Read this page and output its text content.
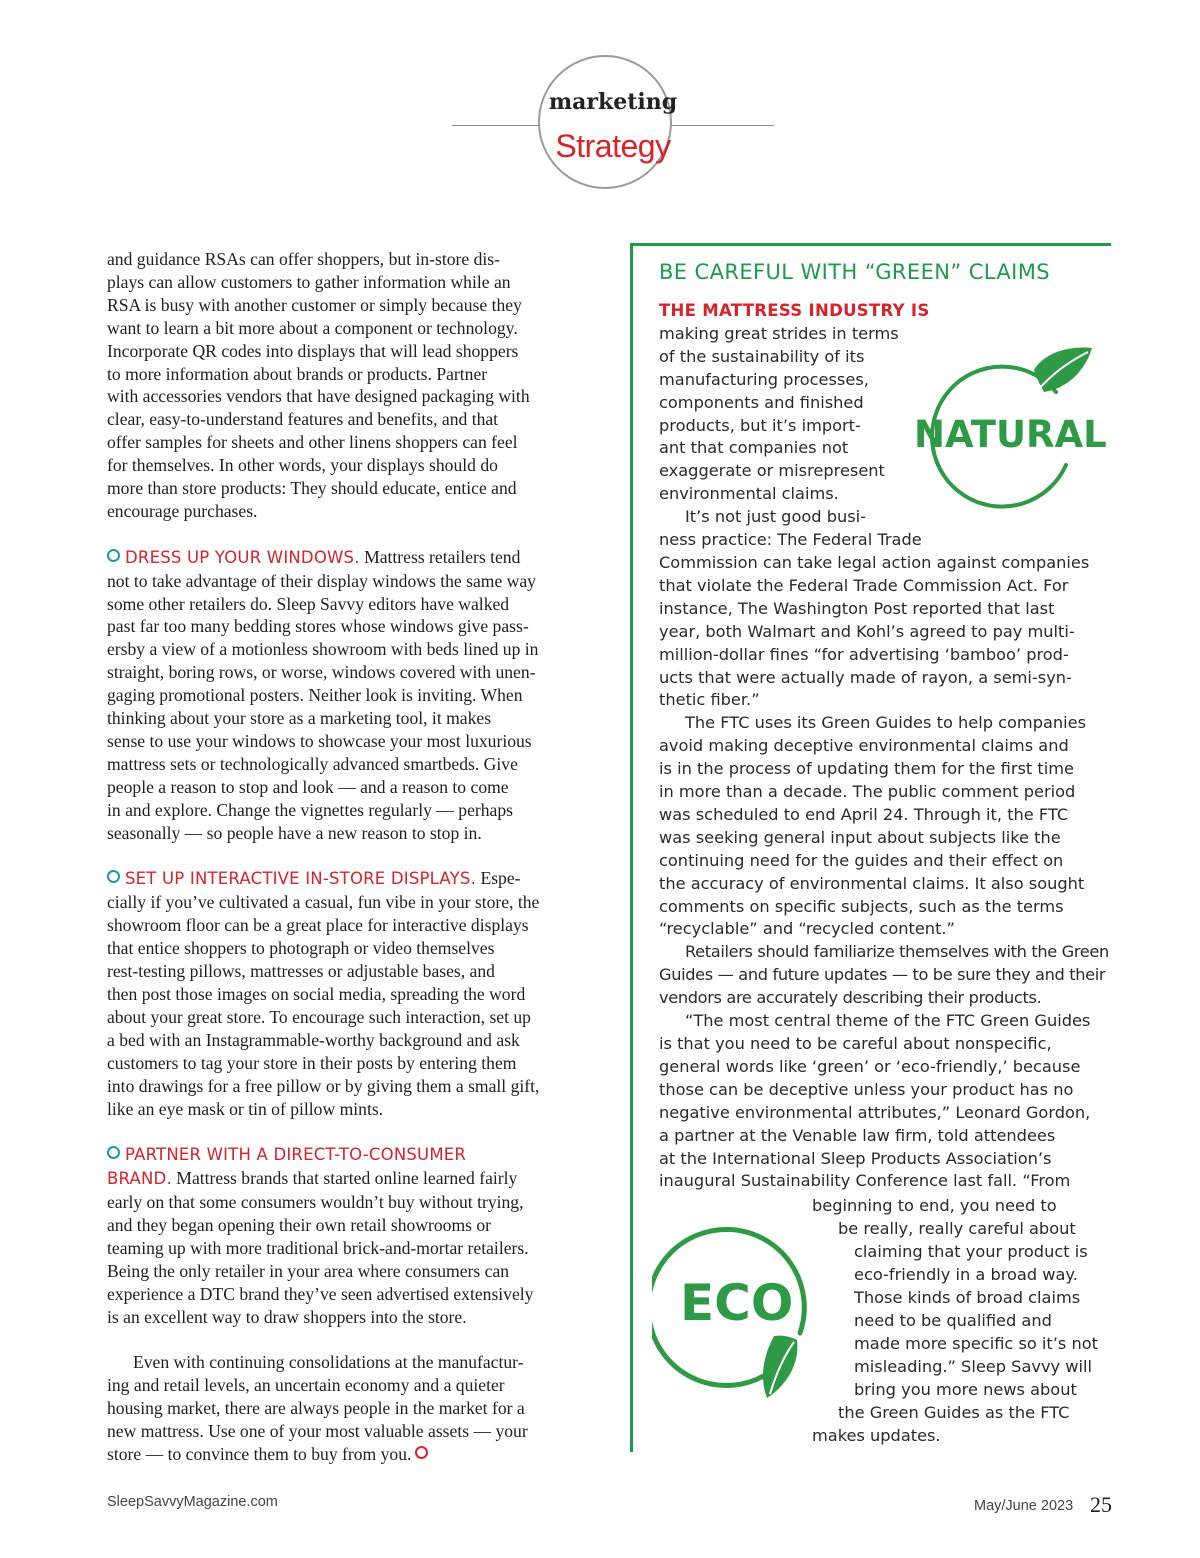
marketing
Strategy

and guidance RSAs can offer shoppers, but in-store dis-

plays can allow customers to gather information while an

RSA is busy with another customer or simply because they

want to learn a bit more about a component or technology.

Incorporate QR codes into displays that will lead shoppers

to more information about brands or products. Partner

with accessories vendors that have designed packaging with

clear, easy-to-understand features and benefits, and that

offer samples for sheets and other linens shoppers can feel

for themselves. In other words, your displays should do

more than store products: They should educate, entice and

encourage purchases.

DRESS UP YOUR WINDOWS. Mattress retailers tend

not to take advantage of their display windows the same way

some other retailers do. Sleep Savvy editors have walked

past far too many bedding stores whose windows give pass-

ersby a view of a motionless showroom with beds lined up in

straight, boring rows, or worse, windows covered with unen-

gaging promotional posters. Neither look is inviting. When

thinking about your store as a marketing tool, it makes

sense to use your windows to showcase your most luxurious

mattress sets or technologically advanced smartbeds. Give

people a reason to stop and look — and a reason to come

in and explore. Change the vignettes regularly — perhaps

seasonally — so people have a new reason to stop in.

SET UP INTERACTIVE IN-STORE DISPLAYS. Espe-

cially if you’ve cultivated a casual, fun vibe in your store, the

showroom floor can be a great place for interactive displays

that entice shoppers to photograph or video themselves

rest-testing pillows, mattresses or adjustable bases, and

then post those images on social media, spreading the word

about your great store. To encourage such interaction, set up

a bed with an Instagrammable-worthy background and ask

customers to tag your store in their posts by entering them

into drawings for a free pillow or by giving them a small gift,

like an eye mask or tin of pillow mints.

PARTNER WITH A DIRECT-TO-CONSUMER

BRAND. Mattress brands that started online learned fairly

early on that some consumers wouldn’t buy without trying,

and they began opening their own retail showrooms or

teaming up with more traditional brick-and-mortar retailers.

Being the only retailer in your area where consumers can

experience a DTC brand they’ve seen advertised extensively

is an excellent way to draw shoppers into the store.

Even with continuing consolidations at the manufactur-

ing and retail levels, an uncertain economy and a quieter

housing market, there are always people in the market for a

new mattress. Use one of your most valuable assets — your

store — to convince them to buy from you.

BE CAREFUL WITH “GREEN” CLAIMS
THE MATTRESS INDUSTRY IS
making great strides in terms
of the sustainability of its
manufacturing processes,
components and finished
products, but it’s import-
ant that companies not
exaggerate or misrepresent
environmental claims.
It’s not just good busi-
ness practice: The Federal Trade
Commission can take legal action against companies
that violate the Federal Trade Commission Act. For
instance, The Washington Post reported that last
year, both Walmart and Kohl’s agreed to pay multi-
million-dollar fines “for advertising ‘bamboo’ prod-
ucts that were actually made of rayon, a semi-syn-
thetic fiber.”
The FTC uses its Green Guides to help companies
avoid making deceptive environmental claims and
is in the process of updating them for the first time
in more than a decade. The public comment period
was scheduled to end April 24. Through it, the FTC
was seeking general input about subjects like the
continuing need for the guides and their effect on
the accuracy of environmental claims. It also sought
comments on specific subjects, such as the terms
“recyclable” and “recycled content.”
Retailers should familiarize themselves with the Green
Guides — and future updates — to be sure they and their
vendors are accurately describing their products.
“The most central theme of the FTC Green Guides
is that you need to be careful about nonspecific,
general words like ‘green’ or ‘eco-friendly,’ because
those can be deceptive unless your product has no
negative environmental attributes,” Leonard Gordon,
a partner at the Venable law firm, told attendees
at the International Sleep Products Association’s
inaugural Sustainability Conference last fall. “From
beginning to end, you need to
be really, really careful about
claiming that your product is
eco-friendly in a broad way.
Those kinds of broad claims
need to be qualified and
made more specific so it’s not
misleading.” Sleep Savvy will
bring you more news about
the Green Guides as the FTC
makes updates.
NATURAL
ECO
SleepSavvyMagazine.com	May/June 2023 25
